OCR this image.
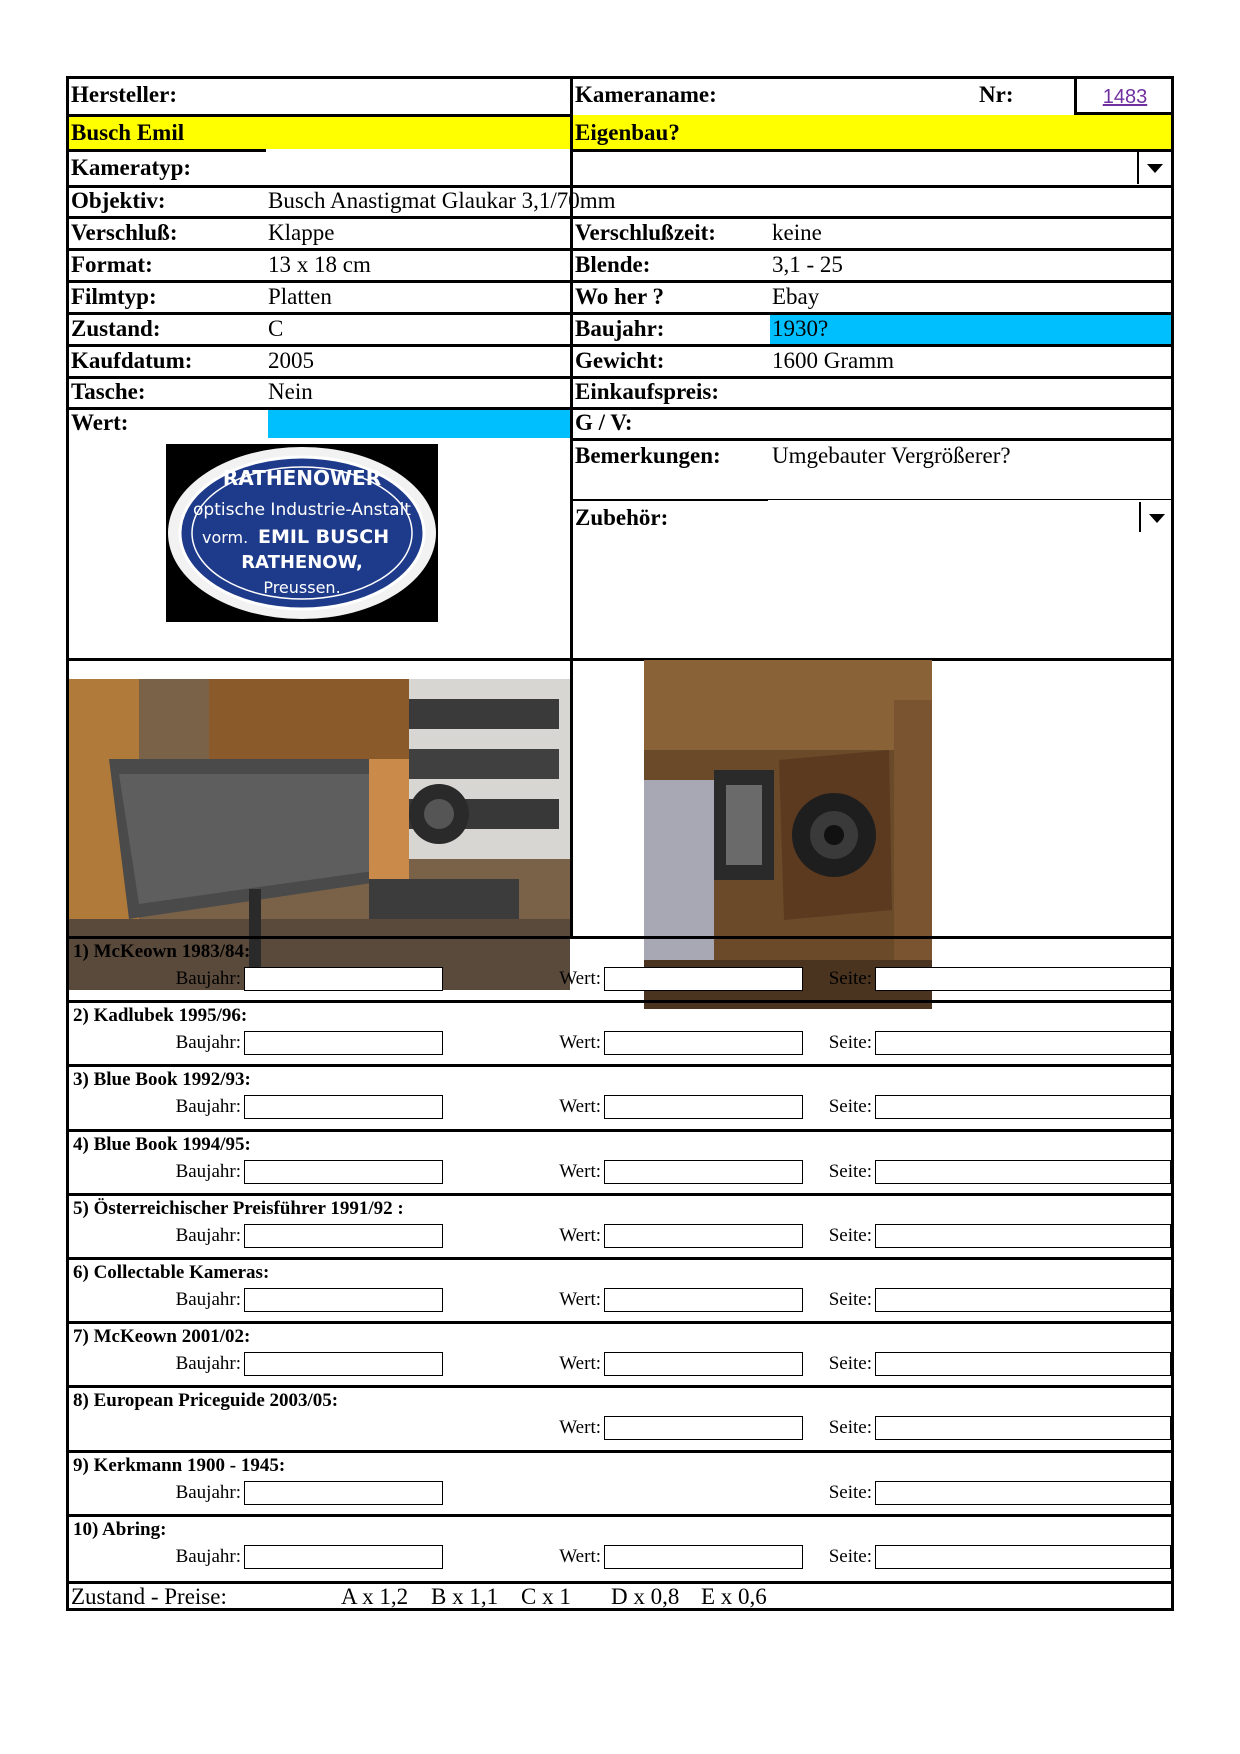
Hersteller:	Kameraname:	Nr:	1483
Busch Emil	Eigenbau?
Kameratyp:
Objektiv:	Busch Anastigmat Glaukar 3,1/70mm
Verschluß:	Klappe	Verschlußzeit: keine
Format:	13 x 18 cm	Blende:	3,1 - 25
Filmtyp:	Platten	Wo her ?	Ebay
Zustand:	C	Baujahr:	1930?
Kaufdatum:	2005	Gewicht:	1600 Gramm
Tasche:	Nein	Einkaufspreis:
Wert:	G / V:
Bemerkungen: Umgebauter Vergrößerer?
Zubehör:
RATHENOWER
optische Industrie-Anstalt
vorm. EMIL BUSCH
RATHENOW,
Preussen.
Zustand - Preise:	A x 1,2 B x 1,1 C x 1 D x 0,8 E x 0,6
1) McKeown 1983/84:
Baujahr:	Wert:	Seite:
2) Kadlubek 1995/96:
Baujahr:	Wert:	Seite:
3) Blue Book 1992/93:
Baujahr:	Wert:	Seite:
4) Blue Book 1994/95:
Baujahr:	Wert:	Seite:
5) Österreichischer Preisführer 1991/92 :
Baujahr:	Wert:	Seite:
6) Collectable Kameras:
Baujahr:	Wert:	Seite:
7) McKeown 2001/02:
Baujahr:	Wert:	Seite:
8) European Priceguide 2003/05:
Wert:	Seite:
9) Kerkmann 1900 - 1945:
Baujahr:	Seite:
10) Abring:
Baujahr:	Wert:	Seite:
